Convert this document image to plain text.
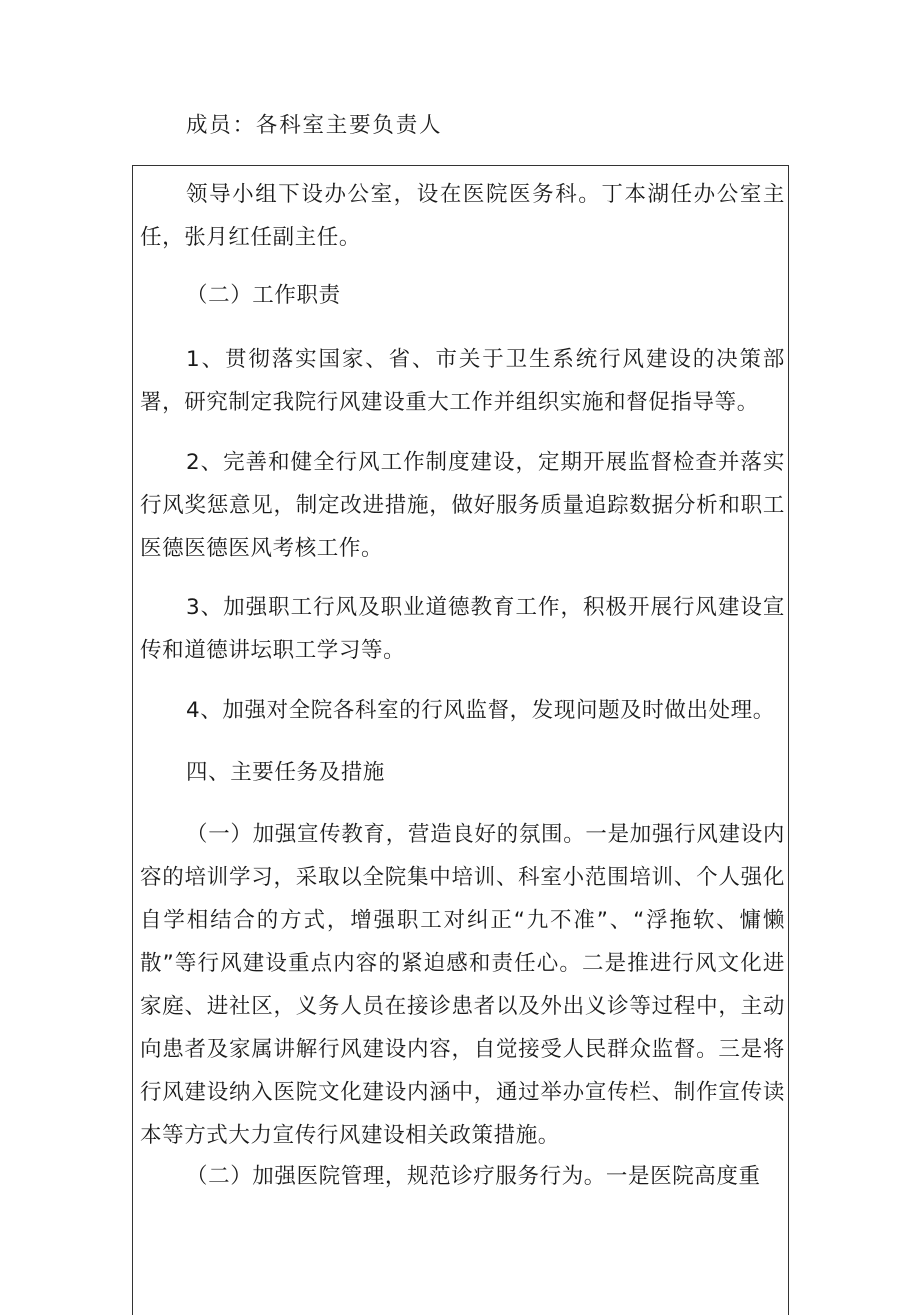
成员：各科室主要负责人

领导小组下设办公室，设在医院医务科。丁本湖任办公室主任，张月红任副主任。

（二）工作职责

1、贯彻落实国家、省、市关于卫生系统行风建设的决策部署，研究制定我院行风建设重大工作并组织实施和督促指导等。

2、完善和健全行风工作制度建设，定期开展监督检查并落实行风奖惩意见，制定改进措施，做好服务质量追踪数据分析和职工医德医德医风考核工作。

3、加强职工行风及职业道德教育工作，积极开展行风建设宣传和道德讲坛职工学习等。

4、加强对全院各科室的行风监督，发现问题及时做出处理。

四、主要任务及措施

（一）加强宣传教育，营造良好的氛围。一是加强行风建设内容的培训学习，采取以全院集中培训、科室小范围培训、个人强化自学相结合的方式，增强职工对纠正“九不准”、“浮拖软、慵懒散”等行风建设重点内容的紧迫感和责任心。二是推进行风文化进家庭、进社区，义务人员在接诊患者以及外出义诊等过程中，主动向患者及家属讲解行风建设内容，自觉接受人民群众监督。三是将行风建设纳入医院文化建设内涵中，通过举办宣传栏、制作宣传读本等方式大力宣传行风建设相关政策措施。

（二）加强医院管理，规范诊疗服务行为。一是医院高度重
